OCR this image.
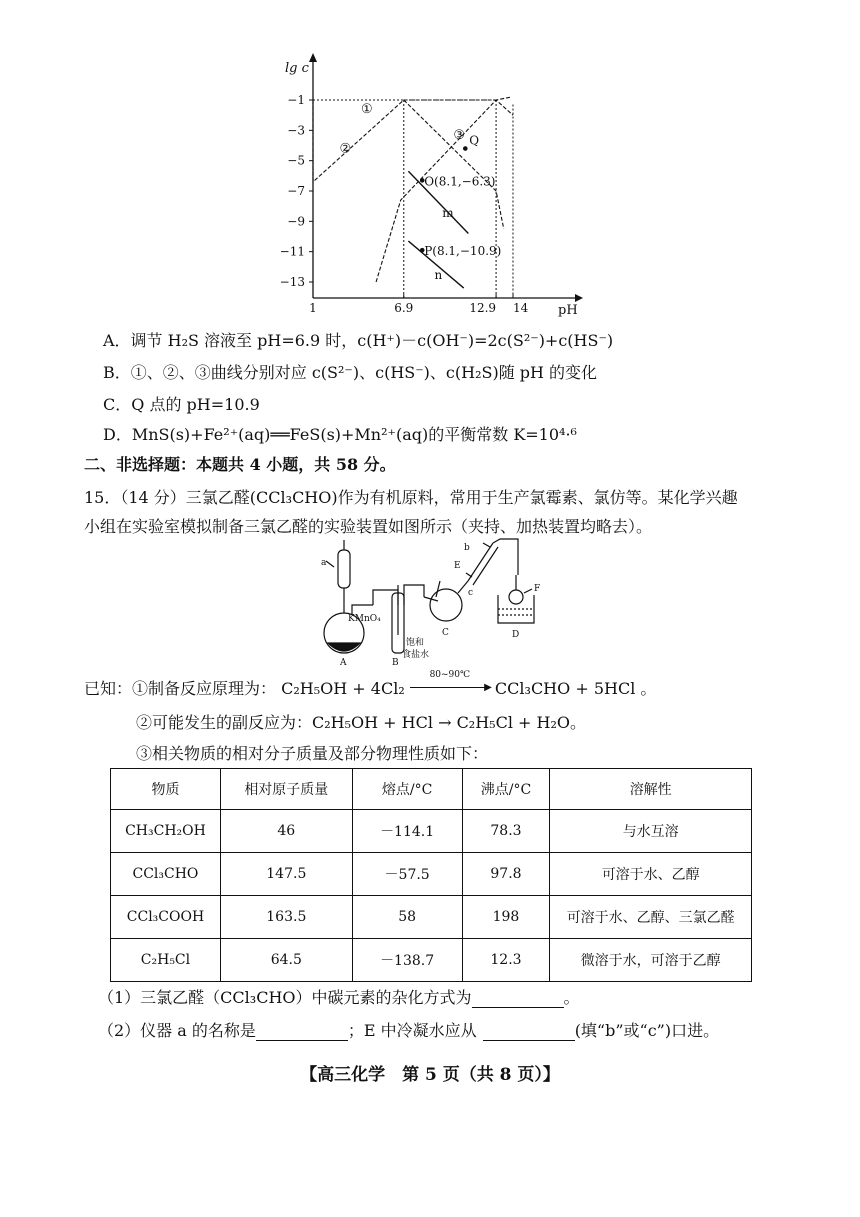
lg c
pH
−1
−3
−5
−7
−9
−11
−13
1	6.9	12.9 14
①
②
③
m
n
Q
O(8.1,−6.3)
P(8.1,−10.9)
A．调节 H₂S 溶液至 pH=6.9 时，c(H⁺)－c(OH⁻)=2c(S²⁻)+c(HS⁻)
B．①、②、③曲线分别对应 c(S²⁻)、c(HS⁻)、c(H₂S)随 pH 的变化
C．Q 点的 pH=10.9
D．MnS(s)+Fe²⁺(aq)══FeS(s)+Mn²⁺(aq)的平衡常数 K=10⁴·⁶
二、非选择题：本题共 4 小题，共 58 分。
15．（14 分）三氯乙醛(CCl₃CHO)作为有机原料，常用于生产氯霉素、氯仿等。某化学兴趣
小组在实验室模拟制备三氯乙醛的实验装置如图所示（夹持、加热装置均略去）。
a
b
c
E
F
KMnO₄
饱和
食盐水
A	B
C	D
已知：①制备反应原理为： C₂H₅OH + 4Cl₂
80~90℃
▶ CCl₃CHO + 5HCl 。
②可能发生的副反应为：C₂H₅OH + HCl → C₂H₅Cl + H₂O。
③相关物质的相对分子质量及部分物理性质如下：
物质	相对原子质量	熔点/°C	沸点/°C	溶解性
CH₃CH₂OH	46	－114.1	78.3	与水互溶
CCl₃CHO	147.5	－57.5	97.8	可溶于水、乙醇
CCl₃COOH	163.5	58	198	可溶于水、乙醇、三氯乙醛
C₂H₅Cl	64.5	－138.7	12.3	微溶于水，可溶于乙醇
（1）三氯乙醛（CCl₃CHO）中碳元素的杂化方式为	。
（2）仪器 a 的名称是	；E 中冷凝水应从	(填“b”或“c”)口进。
【高三化学　第 5 页（共 8 页）】
